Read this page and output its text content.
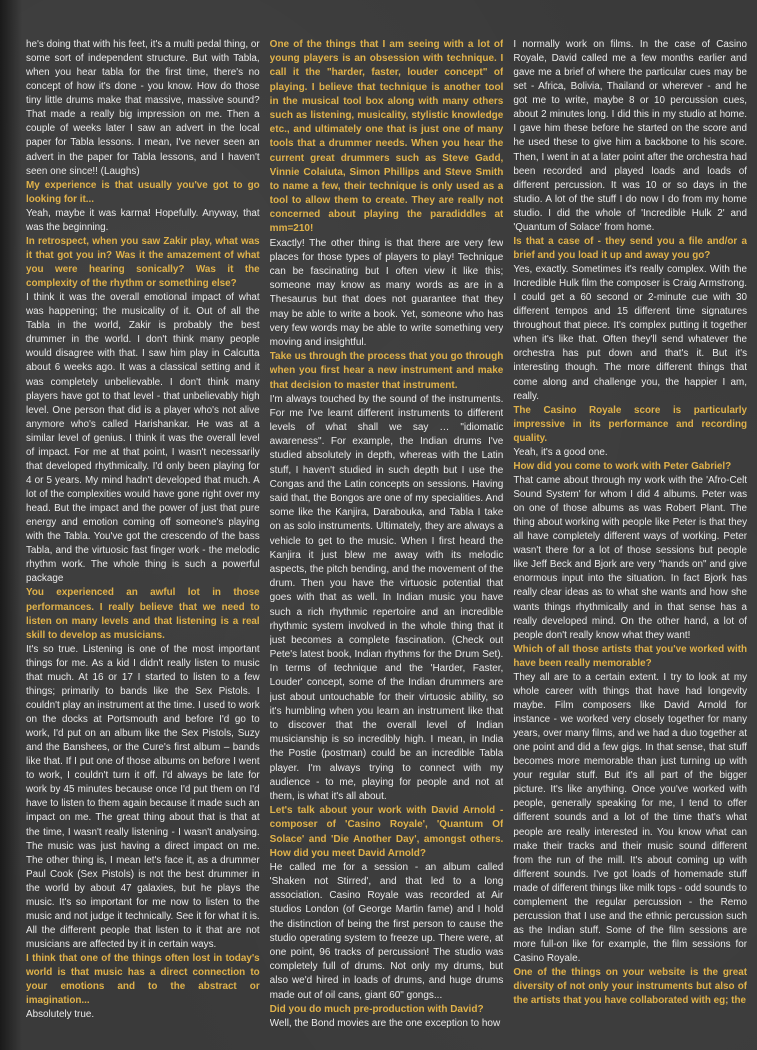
he's doing that with his feet, it's a multi pedal thing, or some sort of independent structure. But with Tabla, when you hear tabla for the first time, there's no concept of how it's done - you know. How do those tiny little drums make that massive, massive sound? That made a really big impression on me. Then a couple of weeks later I saw an advert in the local paper for Tabla lessons. I mean, I've never seen an advert in the paper for Tabla lessons, and I haven't seen one since!! (Laughs)

My experience is that usually you've got to go looking for it...

Yeah, maybe it was karma! Hopefully. Anyway, that was the beginning.

In retrospect, when you saw Zakir play, what was it that got you in? Was it the amazement of what you were hearing sonically? Was it the complexity of the rhythm or something else?

I think it was the overall emotional impact of what was happening; the musicality of it. Out of all the Tabla in the world, Zakir is probably the best drummer in the world. I don't think many people would disagree with that. I saw him play in Calcutta about 6 weeks ago. It was a classical setting and it was completely unbelievable. I don't think many players have got to that level - that unbelievably high level. One person that did is a player who's not alive anymore who's called Harishankar. He was at a similar level of genius. I think it was the overall level of impact. For me at that point, I wasn't necessarily that developed rhythmically. I'd only been playing for 4 or 5 years. My mind hadn't developed that much. A lot of the complexities would have gone right over my head. But the impact and the power of just that pure energy and emotion coming off someone's playing with the Tabla. You've got the crescendo of the bass Tabla, and the virtuosic fast finger work - the melodic rhythm work. The whole thing is such a powerful package

You experienced an awful lot in those performances. I really believe that we need to listen on many levels and that listening is a real skill to develop as musicians.

It's so true. Listening is one of the most important things for me. As a kid I didn't really listen to music that much. At 16 or 17 I started to listen to a few things; primarily to bands like the Sex Pistols. I couldn't play an instrument at the time. I used to work on the docks at Portsmouth and before I'd go to work, I'd put on an album like the Sex Pistols, Suzy and the Banshees, or the Cure's first album – bands like that. If I put one of those albums on before I went to work, I couldn't turn it off. I'd always be late for work by 45 minutes because once I'd put them on I'd have to listen to them again because it made such an impact on me. The great thing about that is that at the time, I wasn't really listening - I wasn't analysing. The music was just having a direct impact on me. The other thing is, I mean let's face it, as a drummer Paul Cook (Sex Pistols) is not the best drummer in the world by about 47 galaxies, but he plays the music. It's so important for me now to listen to the music and not judge it technically. See it for what it is. All the different people that listen to it that are not musicians are affected by it in certain ways.

I think that one of the things often lost in today's world is that music has a direct connection to your emotions and to the abstract or imagination...

Absolutely true.

One of the things that I am seeing with a lot of young players is an obsession with technique. I call it the "harder, faster, louder concept" of playing. I believe that technique is another tool in the musical tool box along with many others such as listening, musicality, stylistic knowledge etc., and ultimately one that is just one of many tools that a drummer needs. When you hear the current great drummers such as Steve Gadd, Vinnie Colaiuta, Simon Phillips and Steve Smith to name a few, their technique is only used as a tool to allow them to create. They are really not concerned about playing the paradiddles at mm=210!

Exactly! The other thing is that there are very few places for those types of players to play! Technique can be fascinating but I often view it like this; someone may know as many words as are in a Thesaurus but that does not guarantee that they may be able to write a book. Yet, someone who has very few words may be able to write something very moving and insightful.

Take us through the process that you go through when you first hear a new instrument and make that decision to master that instrument.

I'm always touched by the sound of the instruments. For me I've learnt different instruments to different levels of what shall we say … "idiomatic awareness". For example, the Indian drums I've studied absolutely in depth, whereas with the Latin stuff, I haven't studied in such depth but I use the Congas and the Latin concepts on sessions. Having said that, the Bongos are one of my specialities. And some like the Kanjira, Darabouka, and Tabla I take on as solo instruments. Ultimately, they are always a vehicle to get to the music. When I first heard the Kanjira it just blew me away with its melodic aspects, the pitch bending, and the movement of the drum. Then you have the virtuosic potential that goes with that as well. In Indian music you have such a rich rhythmic repertoire and an incredible rhythmic system involved in the whole thing that it just becomes a complete fascination. (Check out Pete's latest book, Indian rhythms for the Drum Set). In terms of technique and the 'Harder, Faster, Louder' concept, some of the Indian drummers are just about untouchable for their virtuosic ability, so it's humbling when you learn an instrument like that to discover that the overall level of Indian musicianship is so incredibly high. I mean, in India the Postie (postman) could be an incredible Tabla player. I'm always trying to connect with my audience - to me, playing for people and not at them, is what it's all about.

Let's talk about your work with David Arnold - composer of 'Casino Royale', 'Quantum Of Solace' and 'Die Another Day', amongst others. How did you meet David Arnold?

He called me for a session - an album called 'Shaken not Stirred', and that led to a long association. Casino Royale was recorded at Air studios London (of George Martin fame) and I hold the distinction of being the first person to cause the studio operating system to freeze up. There were, at one point, 96 tracks of percussion! The studio was completely full of drums. Not only my drums, but also we'd hired in loads of drums, and huge drums made out of oil cans, giant 60" gongs...

Did you do much pre-production with David?

Well, the Bond movies are the one exception to how

I normally work on films. In the case of Casino Royale, David called me a few months earlier and gave me a brief of where the particular cues may be set - Africa, Bolivia, Thailand or wherever - and he got me to write, maybe 8 or 10 percussion cues, about 2 minutes long. I did this in my studio at home. I gave him these before he started on the score and he used these to give him a backbone to his score. Then, I went in at a later point after the orchestra had been recorded and played loads and loads of different percussion. It was 10 or so days in the studio. A lot of the stuff I do now I do from my home studio. I did the whole of 'Incredible Hulk 2' and 'Quantum of Solace' from home.

Is that a case of - they send you a file and/or a brief and you load it up and away you go?

Yes, exactly. Sometimes it's really complex. With the Incredible Hulk film the composer is Craig Armstrong. I could get a 60 second or 2-minute cue with 30 different tempos and 15 different time signatures throughout that piece. It's complex putting it together when it's like that. Often they'll send whatever the orchestra has put down and that's it. But it's interesting though. The more different things that come along and challenge you, the happier I am, really.

The Casino Royale score is particularly impressive in its performance and recording quality.

Yeah, it's a good one.

How did you come to work with Peter Gabriel?

That came about through my work with the 'Afro-Celt Sound System' for whom I did 4 albums. Peter was on one of those albums as was Robert Plant. The thing about working with people like Peter is that they all have completely different ways of working. Peter wasn't there for a lot of those sessions but people like Jeff Beck and Bjork are very "hands on" and give enormous input into the situation. In fact Bjork has really clear ideas as to what she wants and how she wants things rhythmically and in that sense has a really developed mind. On the other hand, a lot of people don't really know what they want!

Which of all those artists that you've worked with have been really memorable?

They all are to a certain extent. I try to look at my whole career with things that have had longevity maybe. Film composers like David Arnold for instance - we worked very closely together for many years, over many films, and we had a duo together at one point and did a few gigs. In that sense, that stuff becomes more memorable than just turning up with your regular stuff. But it's all part of the bigger picture. It's like anything. Once you've worked with people, generally speaking for me, I tend to offer different sounds and a lot of the time that's what people are really interested in. You know what can make their tracks and their music sound different from the run of the mill. It's about coming up with different sounds. I've got loads of homemade stuff made of different things like milk tops - odd sounds to complement the regular percussion - the Remo percussion that I use and the ethnic percussion such as the Indian stuff. Some of the film sessions are more full-on like for example, the film sessions for Casino Royale.

One of the things on your website is the great diversity of not only your instruments but also of the artists that you have collaborated with eg; the
